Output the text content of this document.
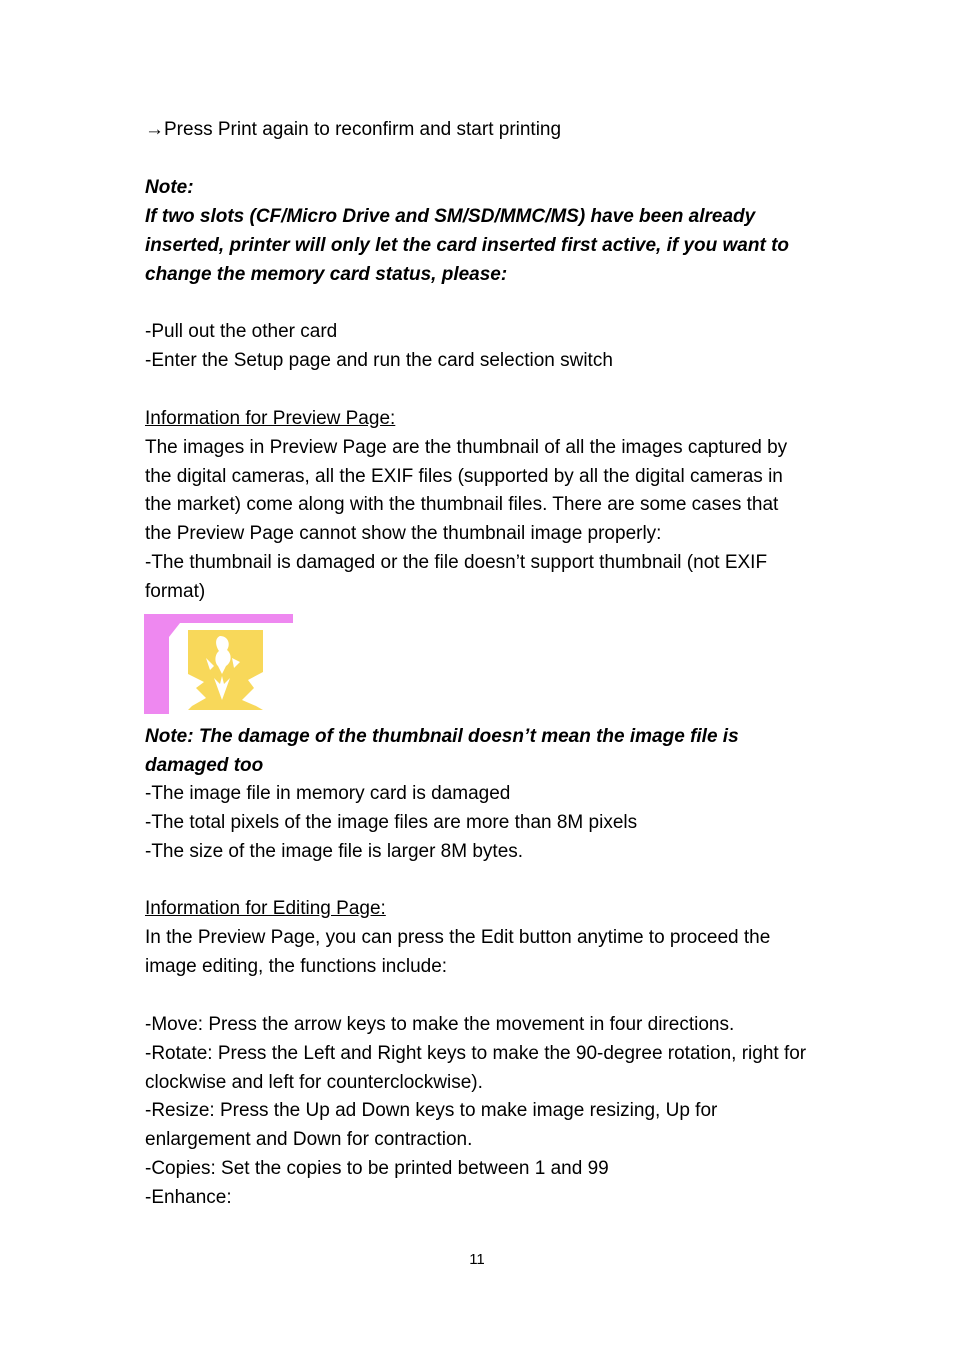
→Press Print again to reconfirm and start printing
Note:
If two slots (CF/Micro Drive and SM/SD/MMC/MS) have been already
inserted, printer will only let the card inserted first active, if you want to
change the memory card status, please:
-Pull out the other card
-Enter the Setup page and run the card selection switch
Information for Preview Page:
The images in Preview Page are the thumbnail of all the images captured by
the digital cameras, all the EXIF files (supported by all the digital cameras in
the market) come along with the thumbnail files. There are some cases that
the Preview Page cannot show the thumbnail image properly:
-The thumbnail is damaged or the file doesn’t support thumbnail (not EXIF
format)
Note: The damage of the thumbnail doesn’t mean the image file is
damaged too
-The image file in memory card is damaged
-The total pixels of the image files are more than 8M pixels
-The size of the image file is larger 8M bytes.
Information for Editing Page:
In the Preview Page, you can press the Edit button anytime to proceed the
image editing, the functions include:
-Move: Press the arrow keys to make the movement in four directions.
-Rotate: Press the Left and Right keys to make the 90-degree rotation, right for
clockwise and left for counterclockwise).
-Resize: Press the Up ad Down keys to make image resizing, Up for
enlargement and Down for contraction.
-Copies: Set the copies to be printed between 1 and 99
-Enhance:
11
